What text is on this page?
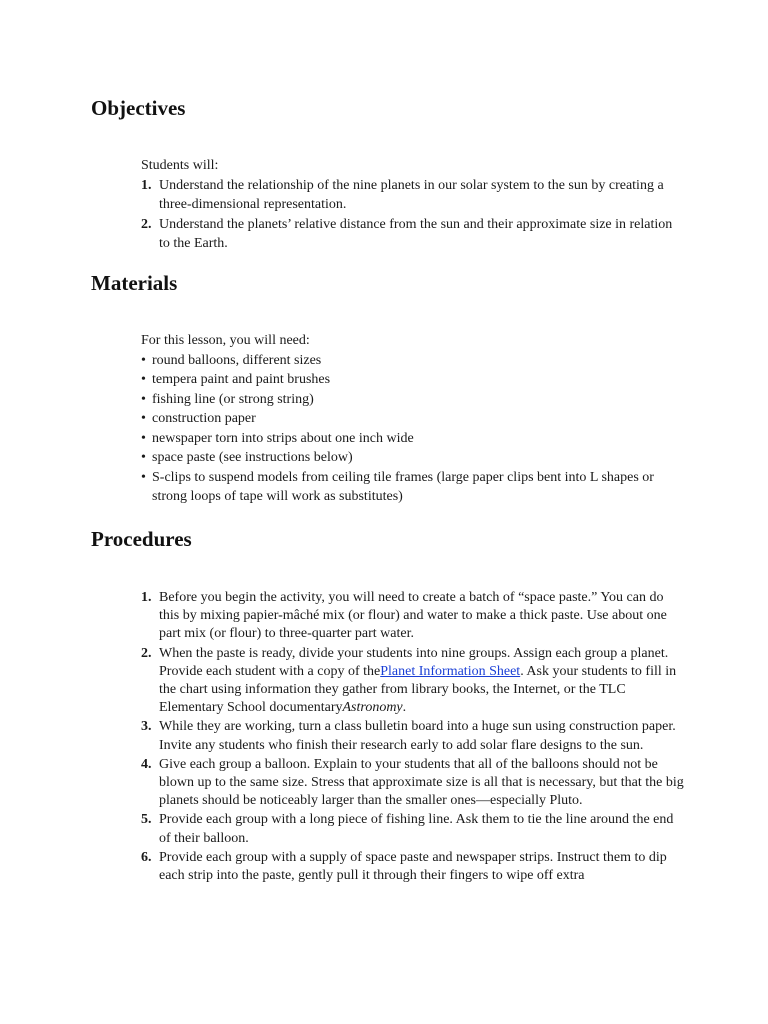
Objectives

Students will:

1. Understand the relationship of the nine planets in our solar system to the sun by creating a three-dimensional representation.
2. Understand the planets’ relative distance from the sun and their approximate size in relation to the Earth.
Materials

For this lesson, you will need:

• round balloons, different sizes
• tempera paint and paint brushes
• fishing line (or strong string)
• construction paper
• newspaper torn into strips about one inch wide
• space paste (see instructions below)
• S-clips to suspend models from ceiling tile frames (large paper clips bent into L shapes or strong loops of tape will work as substitutes)
Procedures
1. Before you begin the activity, you will need to create a batch of “space paste.” You can do this by mixing papier-mâché mix (or flour) and water to make a thick paste. Use about one part mix (or flour) to three-quarter part water.
2. When the paste is ready, divide your students into nine groups. Assign each group a planet. Provide each student with a copy of thePlanet Information Sheet. Ask your students to fill in the chart using information they gather from library books, the Internet, or the TLC Elementary School documentaryAstronomy.
3. While they are working, turn a class bulletin board into a huge sun using construction paper. Invite any students who finish their research early to add solar flare designs to the sun.
4. Give each group a balloon. Explain to your students that all of the balloons should not be blown up to the same size. Stress that approximate size is all that is necessary, but that the big planets should be noticeably larger than the smaller ones—especially Pluto.
5. Provide each group with a long piece of fishing line. Ask them to tie the line around the end of their balloon.
6. Provide each group with a supply of space paste and newspaper strips. Instruct them to dip each strip into the paste, gently pull it through their fingers to wipe off extra
